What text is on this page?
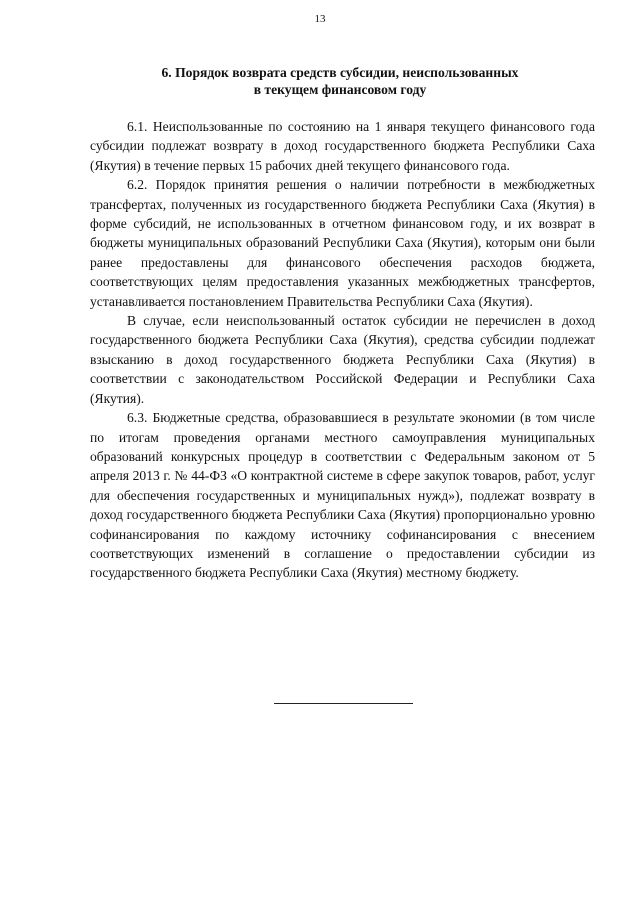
13
6. Порядок возврата средств субсидии, неиспользованных
в текущем финансовом году

6.1. Неиспользованные по состоянию на 1 января текущего финансового года субсидии подлежат возврату в доход государственного бюджета Республики Саха (Якутия) в течение первых 15 рабочих дней текущего финансового года.

6.2. Порядок принятия решения о наличии потребности в межбюджетных трансфертах, полученных из государственного бюджета Республики Саха (Якутия) в форме субсидий, не использованных в отчетном финансовом году, и их возврат в бюджеты муниципальных образований Республики Саха (Якутия), которым они были ранее предоставлены для финансового обеспечения расходов бюджета, соответствующих целям предоставления указанных межбюджетных трансфертов, устанавливается постановлением Правительства Республики Саха (Якутия).

В случае, если неиспользованный остаток субсидии не перечислен в доход государственного бюджета Республики Саха (Якутия), средства субсидии подлежат взысканию в доход государственного бюджета Республики Саха (Якутия) в соответствии с законодательством Российской Федерации и Республики Саха (Якутия).

6.3. Бюджетные средства, образовавшиеся в результате экономии (в том числе по итогам проведения органами местного самоуправления муниципальных образований конкурсных процедур в соответствии с Федеральным законом от 5 апреля 2013 г. № 44-ФЗ «О контрактной системе в сфере закупок товаров, работ, услуг для обеспечения государственных и муниципальных нужд»), подлежат возврату в доход государственного бюджета Республики Саха (Якутия) пропорционально уровню софинансирования по каждому источнику софинансирования с внесением соответствующих изменений в соглашение о предоставлении субсидии из государственного бюджета Республики Саха (Якутия) местному бюджету.
